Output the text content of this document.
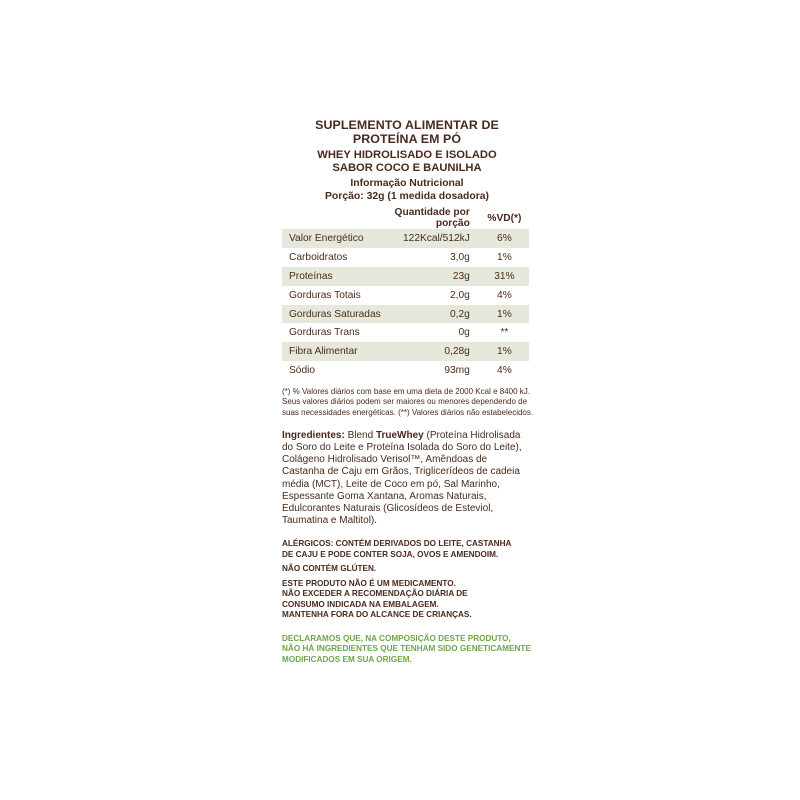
SUPLEMENTO ALIMENTAR DE
PROTEÍNA EM PÓ
WHEY HIDROLISADO E ISOLADO
SABOR COCO E BAUNILHA
Informação Nutricional
Porção: 32g (1 medida dosadora)
	Quantidade por porção	%VD(*)
Valor Energético	122Kcal/512kJ	6%
Carboidratos	3,0g	1%
Proteínas	23g	31%
Gorduras Totais	2,0g	4%
Gorduras Saturadas	0,2g	1%
Gorduras Trans	0g	**
Fibra Alimentar	0,28g	1%
Sódio	93mg	4%
(*) % Valores diários com base em uma dieta de 2000 Kcal e 8400 kJ.
Seus valores diários podem ser maiores ou menores dependendo de
suas necessidades energéticas. (**) Valores diários não estabelecidos.
Ingredientes: Blend TrueWhey (Proteína Hidrolisada
do Soro do Leite e Proteína Isolada do Soro do Leite),
Colágeno Hidrolisado Verisol™, Amêndoas de
Castanha de Caju em Grãos, Triglicerídeos de cadeia
média (MCT), Leite de Coco em pó, Sal Marinho,
Espessante Goma Xantana, Aromas Naturais,
Edulcorantes Naturais (Glicosídeos de Esteviol,
Taumatina e Maltitol).
ALÉRGICOS: CONTÉM DERIVADOS DO LEITE, CASTANHA
DE CAJU E PODE CONTER SOJA, OVOS E AMENDOIM.
NÃO CONTÉM GLÚTEN.
ESTE PRODUTO NÃO É UM MEDICAMENTO.
NÃO EXCEDER A RECOMENDAÇÃO DIÁRIA DE
CONSUMO INDICADA NA EMBALAGEM.
MANTENHA FORA DO ALCANCE DE CRIANÇAS.
DECLARAMOS QUE, NA COMPOSIÇÃO DESTE PRODUTO,
NÃO HÁ INGREDIENTES QUE TENHAM SIDO GENETICAMENTE
MODIFICADOS EM SUA ORIGEM.
